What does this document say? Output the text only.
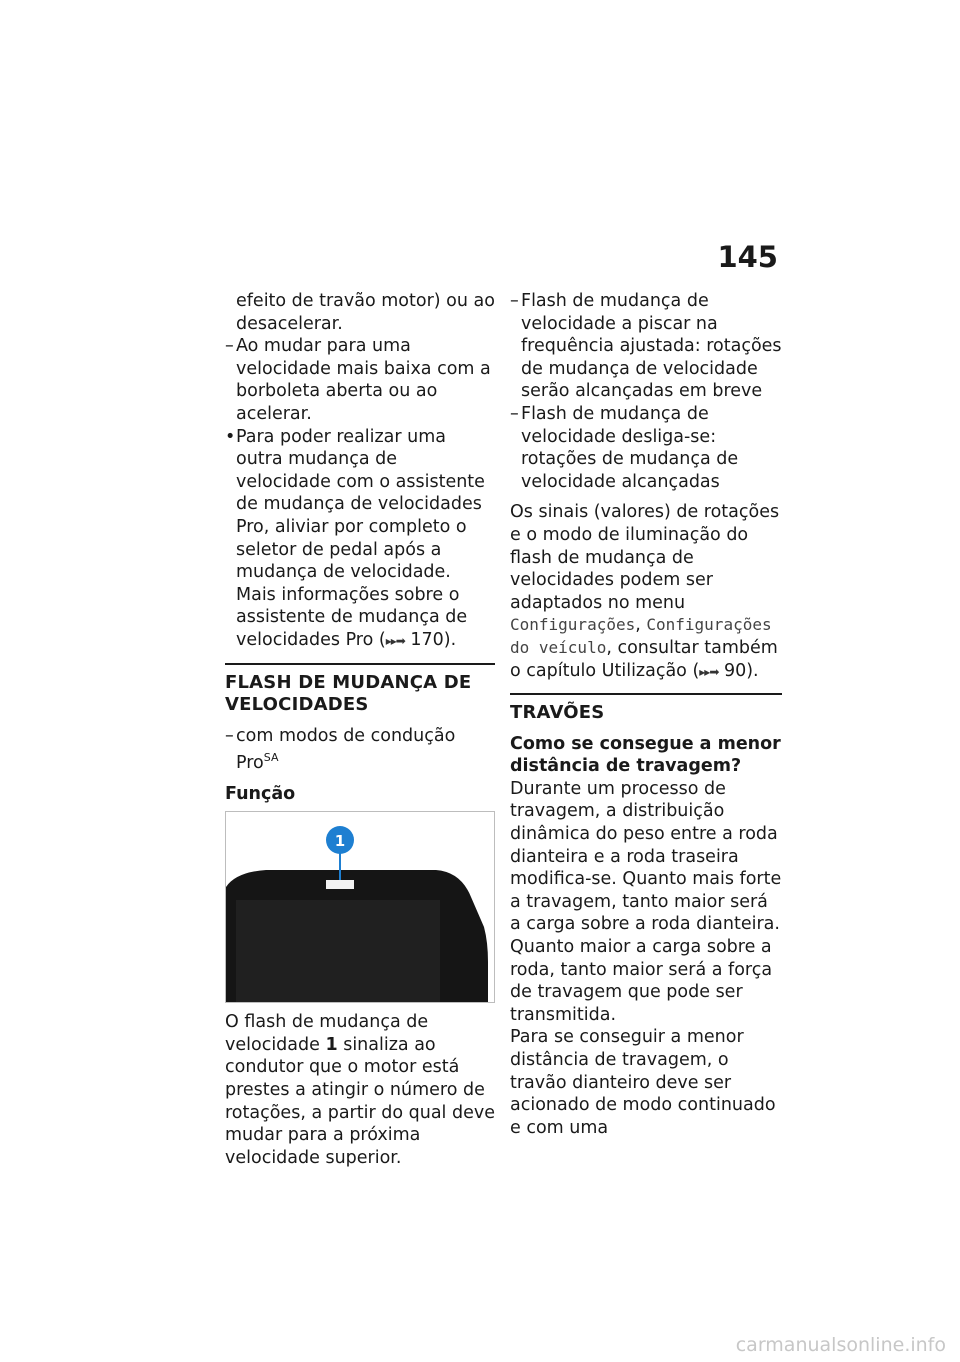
145

efeito de travão motor) ou ao desacelerar.

– Ao mudar para uma velocidade mais baixa com a borboleta aberta ou ao acelerar.
• Para poder realizar uma outra mudança de velocidade com o assistente de mudança de velocidades Pro, aliviar por completo o seletor de pedal após a mudança de velocidade. Mais informações sobre o assistente de mudança de velocidades Pro (▸▸➡ 170).
FLASH DE MUDANÇA DE VELOCIDADES
– com modos de condução Pro$^{SA}$
Função
1

O flash de mudança de velocidade 1 sinaliza ao condutor que o motor está prestes a atingir o número de rotações, a partir do qual deve mudar para a próxima velocidade superior.

– Flash de mudança de velocidade a piscar na frequência ajustada: rotações de mudança de velocidade serão alcançadas em breve
– Flash de mudança de velocidade desliga-se: rotações de mudança de velocidade alcançadas

Os sinais (valores) de rotações e o modo de iluminação do flash de mudança de velocidades podem ser adaptados no menu Configurações, Configurações do veículo, consultar também o capítulo Utilização (▸▸➡ 90).

TRAVÕES
Como se consegue a menor distância de travagem?

Durante um processo de travagem, a distribuição dinâmica do peso entre a roda dianteira e a roda traseira modifica-se. Quanto mais forte a travagem, tanto maior será a carga sobre a roda dianteira. Quanto maior a carga sobre a roda, tanto maior será a força de travagem que pode ser transmitida.

Para se conseguir a menor distância de travagem, o travão dianteiro deve ser acionado de modo continuado e com uma

carmanualsonline.info
